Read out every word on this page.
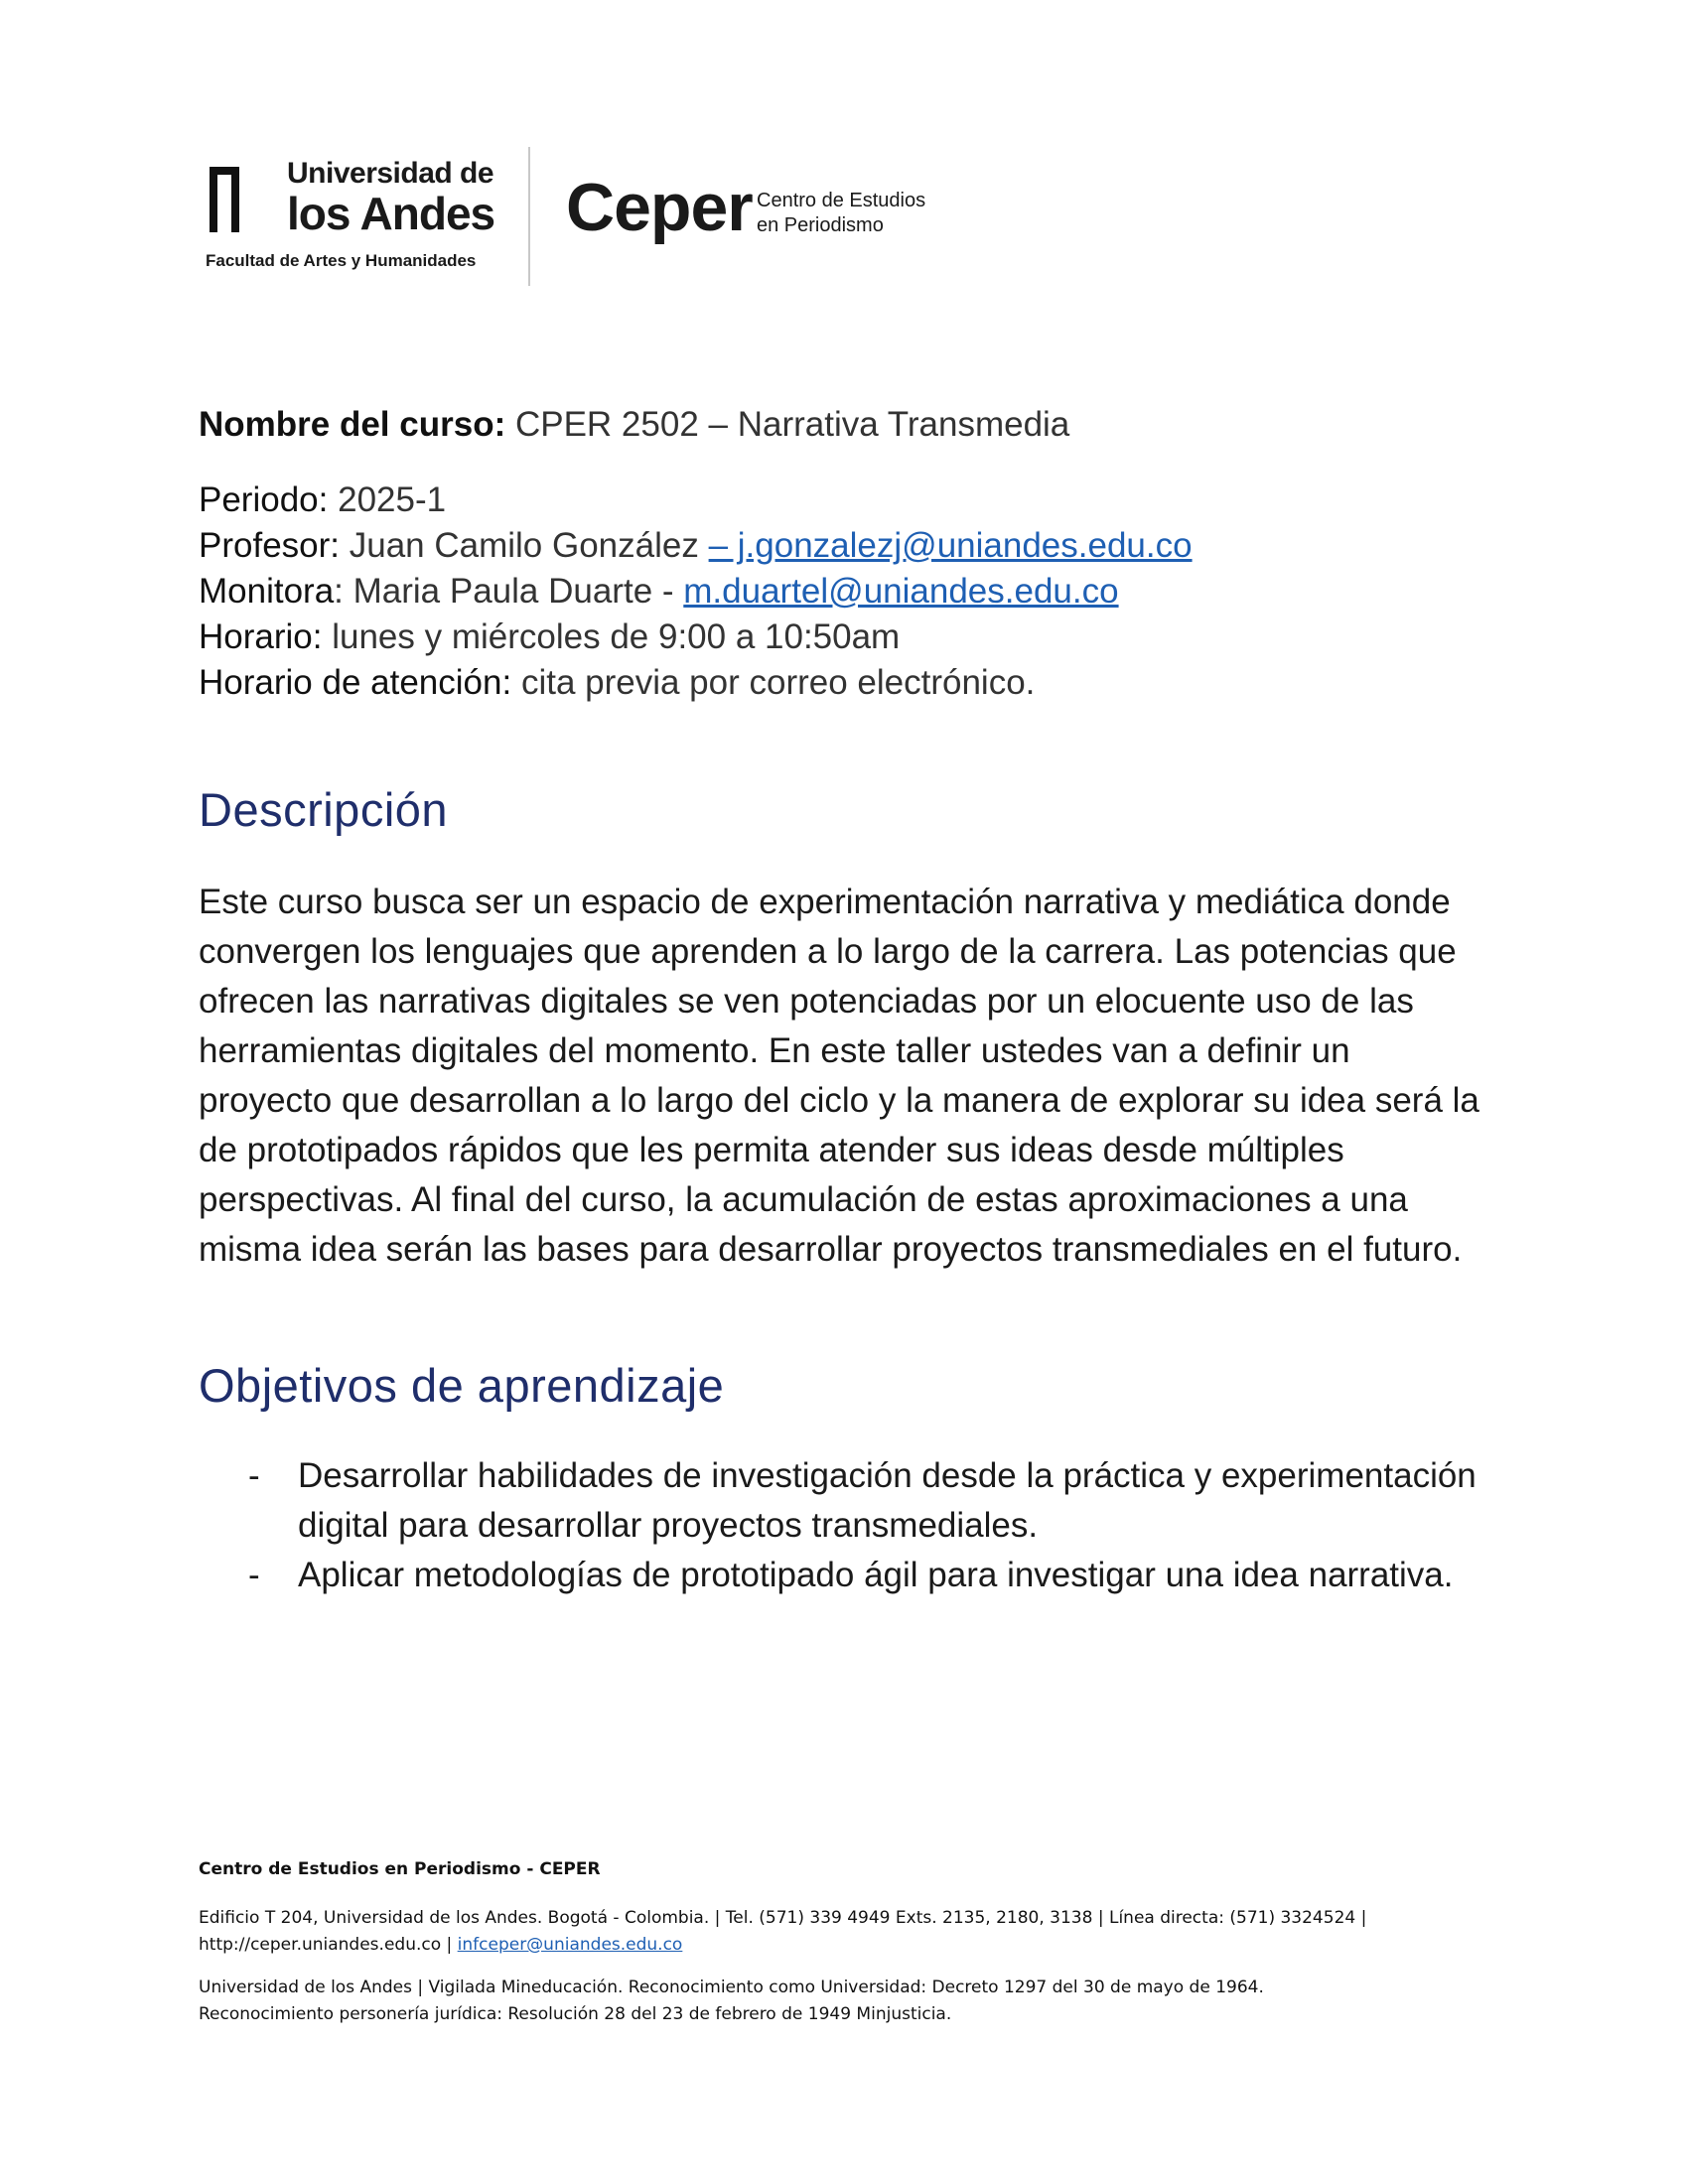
Universidad de
los Andes
Facultad de Artes y Humanidades
Ceper Centro de Estudios
en Periodismo

Nombre del curso: CPER 2502 – Narrativa Transmedia

Periodo: 2025-1

Profesor: Juan Camilo González – j.gonzalezj@uniandes.edu.co

Monitora: Maria Paula Duarte - m.duartel@uniandes.edu.co

Horario: lunes y miércoles de 9:00 a 10:50am

Horario de atención: cita previa por correo electrónico.

Descripción

Este curso busca ser un espacio de experimentación narrativa y mediática donde convergen los lenguajes que aprenden a lo largo de la carrera. Las potencias que ofrecen las narrativas digitales se ven potenciadas por un elocuente uso de las herramientas digitales del momento. En este taller ustedes van a definir un proyecto que desarrollan a lo largo del ciclo y la manera de explorar su idea será la de prototipados rápidos que les permita atender sus ideas desde múltiples perspectivas. Al final del curso, la acumulación de estas aproximaciones a una misma idea serán las bases para desarrollar proyectos transmediales en el futuro.

Objetivos de aprendizaje
- Desarrollar habilidades de investigación desde la práctica y experimentación digital para desarrollar proyectos transmediales.
- Aplicar metodologías de prototipado ágil para investigar una idea narrativa.

Centro de Estudios en Periodismo - CEPER

Edificio T 204, Universidad de los Andes. Bogotá - Colombia. | Tel. (571) 339 4949 Exts. 2135, 2180, 3138 | Línea directa: (571) 3324524 |
http://ceper.uniandes.edu.co | infceper@uniandes.edu.co

Universidad de los Andes | Vigilada Mineducación. Reconocimiento como Universidad: Decreto 1297 del 30 de mayo de 1964.
Reconocimiento personería jurídica: Resolución 28 del 23 de febrero de 1949 Minjusticia.
